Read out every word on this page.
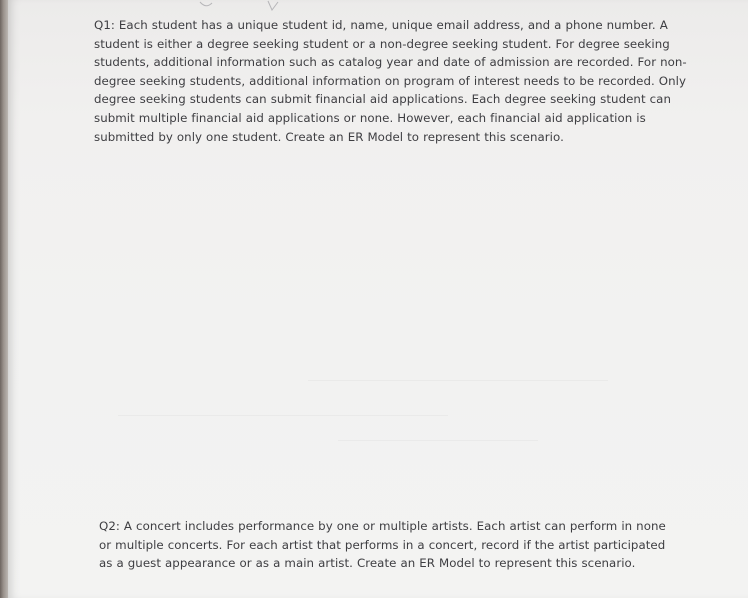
Q1: Each student has a unique student id, name, unique email address, and a phone number. A student is either a degree seeking student or a non-degree seeking student. For degree seeking students, additional information such as catalog year and date of admission are recorded. For non-degree seeking students, additional information on program of interest needs to be recorded. Only degree seeking students can submit financial aid applications. Each degree seeking student can submit multiple financial aid applications or none. However, each financial aid application is submitted by only one student. Create an ER Model to represent this scenario.

Q2: A concert includes performance by one or multiple artists. Each artist can perform in none or multiple concerts. For each artist that performs in a concert, record if the artist participated as a guest appearance or as a main artist. Create an ER Model to represent this scenario.
